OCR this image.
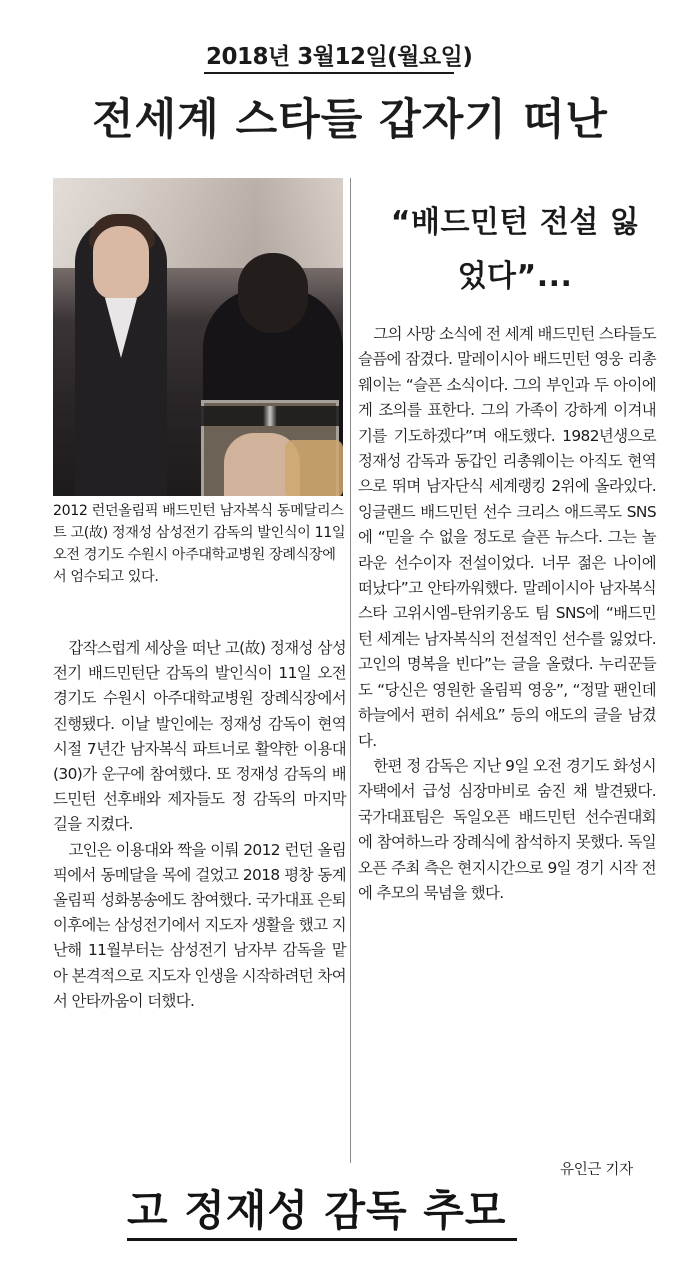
2018년 3월12일(월요일)
전세계 스타들 갑자기 떠난
2012 런던올림픽 배드민턴 남자복식 동메달리스트 고(故) 정재성 삼성전기 감독의 발인식이 11일 오전 경기도 수원시 아주대학교병원 장례식장에서 엄수되고 있다.

갑작스럽게 세상을 떠난 고(故) 정재성 삼성전기 배드민턴단 감독의 발인식이 11일 오전 경기도 수원시 아주대학교병원 장례식장에서 진행됐다. 이날 발인에는 정재성 감독이 현역 시절 7년간 남자복식 파트너로 활약한 이용대(30)가 운구에 참여했다. 또 정재성 감독의 배드민턴 선후배와 제자들도 정 감독의 마지막 길을 지켰다.

고인은 이용대와 짝을 이뤄 2012 런던 올림픽에서 동메달을 목에 걸었고 2018 평창 동계올림픽 성화봉송에도 참여했다. 국가대표 은퇴 이후에는 삼성전기에서 지도자 생활을 했고 지난해 11월부터는 삼성전기 남자부 감독을 맡아 본격적으로 지도자 인생을 시작하려던 차여서 안타까움이 더했다.

“배드민턴 전설 잃었다”...

그의 사망 소식에 전 세계 배드민턴 스타들도 슬픔에 잠겼다. 말레이시아 배드민턴 영웅 리총웨이는 “슬픈 소식이다. 그의 부인과 두 아이에게 조의를 표한다. 그의 가족이 강하게 이겨내기를 기도하겠다”며 애도했다. 1982년생으로 정재성 감독과 동갑인 리총웨이는 아직도 현역으로 뛰며 남자단식 세계랭킹 2위에 올라있다. 잉글랜드 배드민턴 선수 크리스 애드콕도 SNS에 “믿을 수 없을 정도로 슬픈 뉴스다. 그는 놀라운 선수이자 전설이었다. 너무 젊은 나이에 떠났다”고 안타까워했다. 말레이시아 남자복식 스타 고위시엠–탄위키옹도 팀 SNS에 “배드민턴 세계는 남자복식의 전설적인 선수를 잃었다. 고인의 명복을 빈다”는 글을 올렸다. 누리꾼들도 “당신은 영원한 올림픽 영웅”, “정말 팬인데 하늘에서 편히 쉬세요” 등의 애도의 글을 남겼다.

한편 정 감독은 지난 9일 오전 경기도 화성시 자택에서 급성 심장마비로 숨진 채 발견됐다. 국가대표팀은 독일오픈 배드민턴 선수권대회에 참여하느라 장례식에 참석하지 못했다. 독일오픈 주최 측은 현지시간으로 9일 경기 시작 전에 추모의 묵념을 했다.

유인근 기자
고 정재성 감독 추모
